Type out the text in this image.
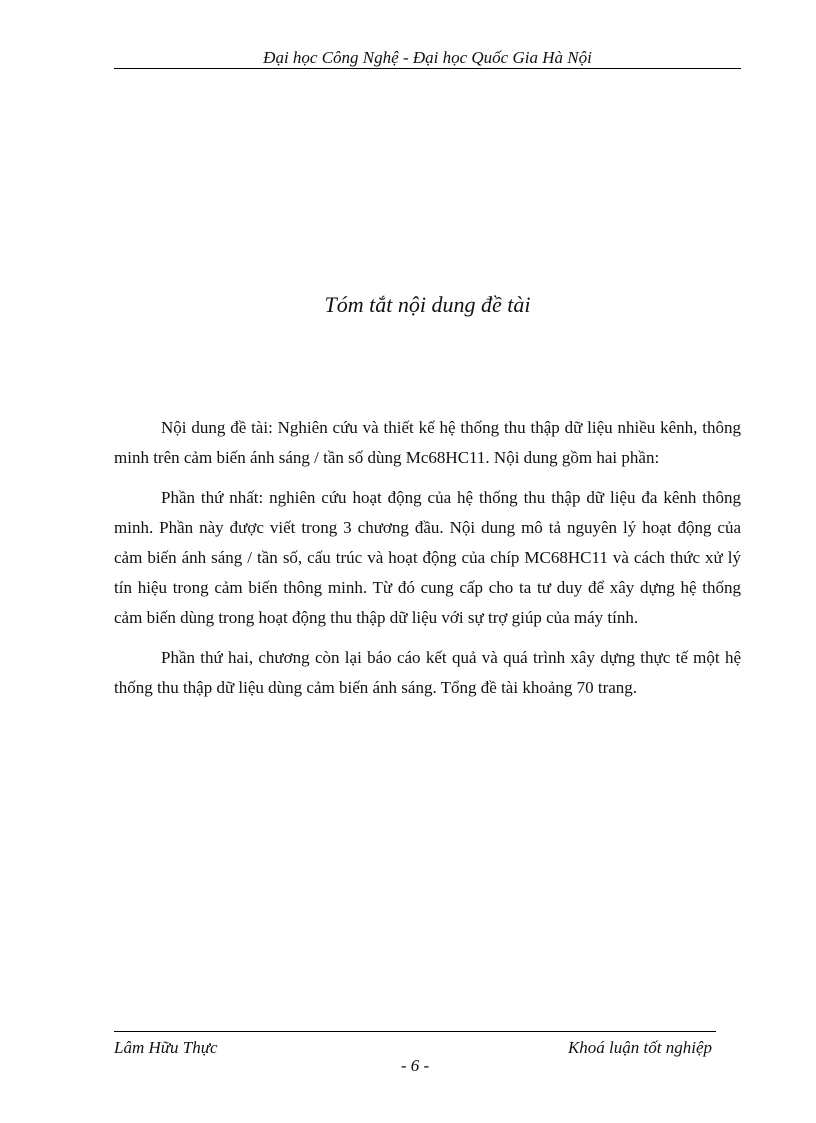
Đại học Công Nghệ - Đại học Quốc Gia Hà Nội
Tóm tắt nội dung đề tài

Nội dung đề tài: Nghiên cứu và thiết kế hệ thống thu thập dữ liệu nhiều kênh, thông minh trên cảm biến ánh sáng / tần số dùng Mc68HC11. Nội dung gồm hai phần:

Phần thứ nhất: nghiên cứu hoạt động của hệ thống thu thập dữ liệu đa kênh thông minh. Phần này được viết trong 3 chương đầu. Nội dung mô tả nguyên lý hoạt động của cảm biến ánh sáng / tần số, cấu trúc và hoạt động của chíp MC68HC11 và cách thức xử lý tín hiệu trong cảm biến thông minh. Từ đó cung cấp cho ta tư duy để xây dựng hệ thống cảm biến dùng trong hoạt động thu thập dữ liệu với sự trợ giúp của máy tính.

Phần thứ hai, chương còn lại báo cáo kết quả và quá trình xây dựng thực tế một hệ thống thu thập dữ liệu dùng cảm biến ánh sáng. Tổng đề tài khoảng 70 trang.

Lâm Hữu Thực	Khoá luận tốt nghiệp
- 6 -
